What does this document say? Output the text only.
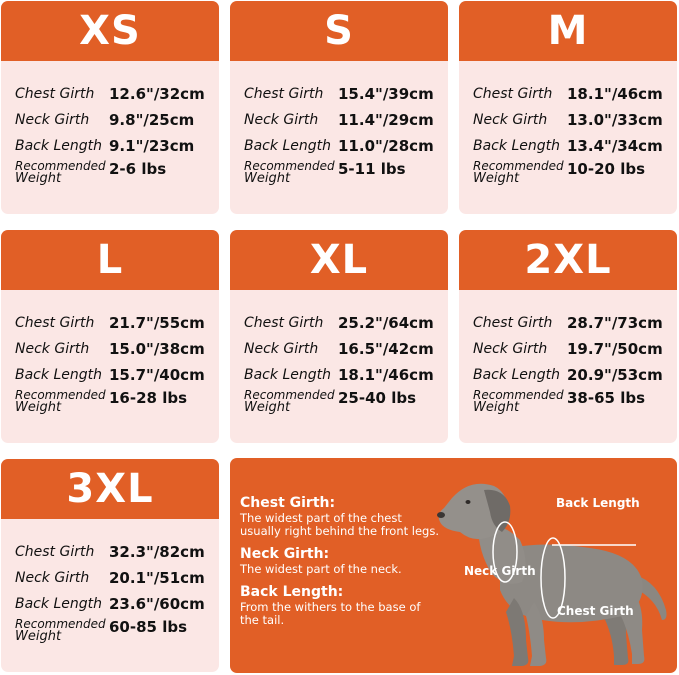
XS
Chest Girth 12.6"/32cm
Neck Girth	9.8"/25cm
Back Length 9.1"/23cm
Recommended
Weight
2-6 lbs
S
Chest Girth 15.4"/39cm
Neck Girth	11.4"/29cm
Back Length 11.0"/28cm
Recommended
Weight
5-11 lbs
M
Chest Girth 18.1"/46cm
Neck Girth	13.0"/33cm
Back Length 13.4"/34cm
Recommended
Weight
10-20 lbs
L
Chest Girth 21.7"/55cm
Neck Girth	15.0"/38cm
Back Length 15.7"/40cm
Recommended
Weight
16-28 lbs
XL
Chest Girth 25.2"/64cm
Neck Girth	16.5"/42cm
Back Length 18.1"/46cm
Recommended
Weight
25-40 lbs
2XL
Chest Girth 28.7"/73cm
Neck Girth	19.7"/50cm
Back Length 20.9"/53cm
Recommended
Weight
38-65 lbs
3XL
Chest Girth 32.3"/82cm
Neck Girth	20.1"/51cm
Back Length 23.6"/60cm
Recommended
Weight
60-85 lbs
Chest Girth:
The widest part of the chest usually right behind the front legs.
Neck Girth:
The widest part of the neck.
Back Length:
From the withers to the base of the tail.
Back Length
Neck Girth
Chest Girth
